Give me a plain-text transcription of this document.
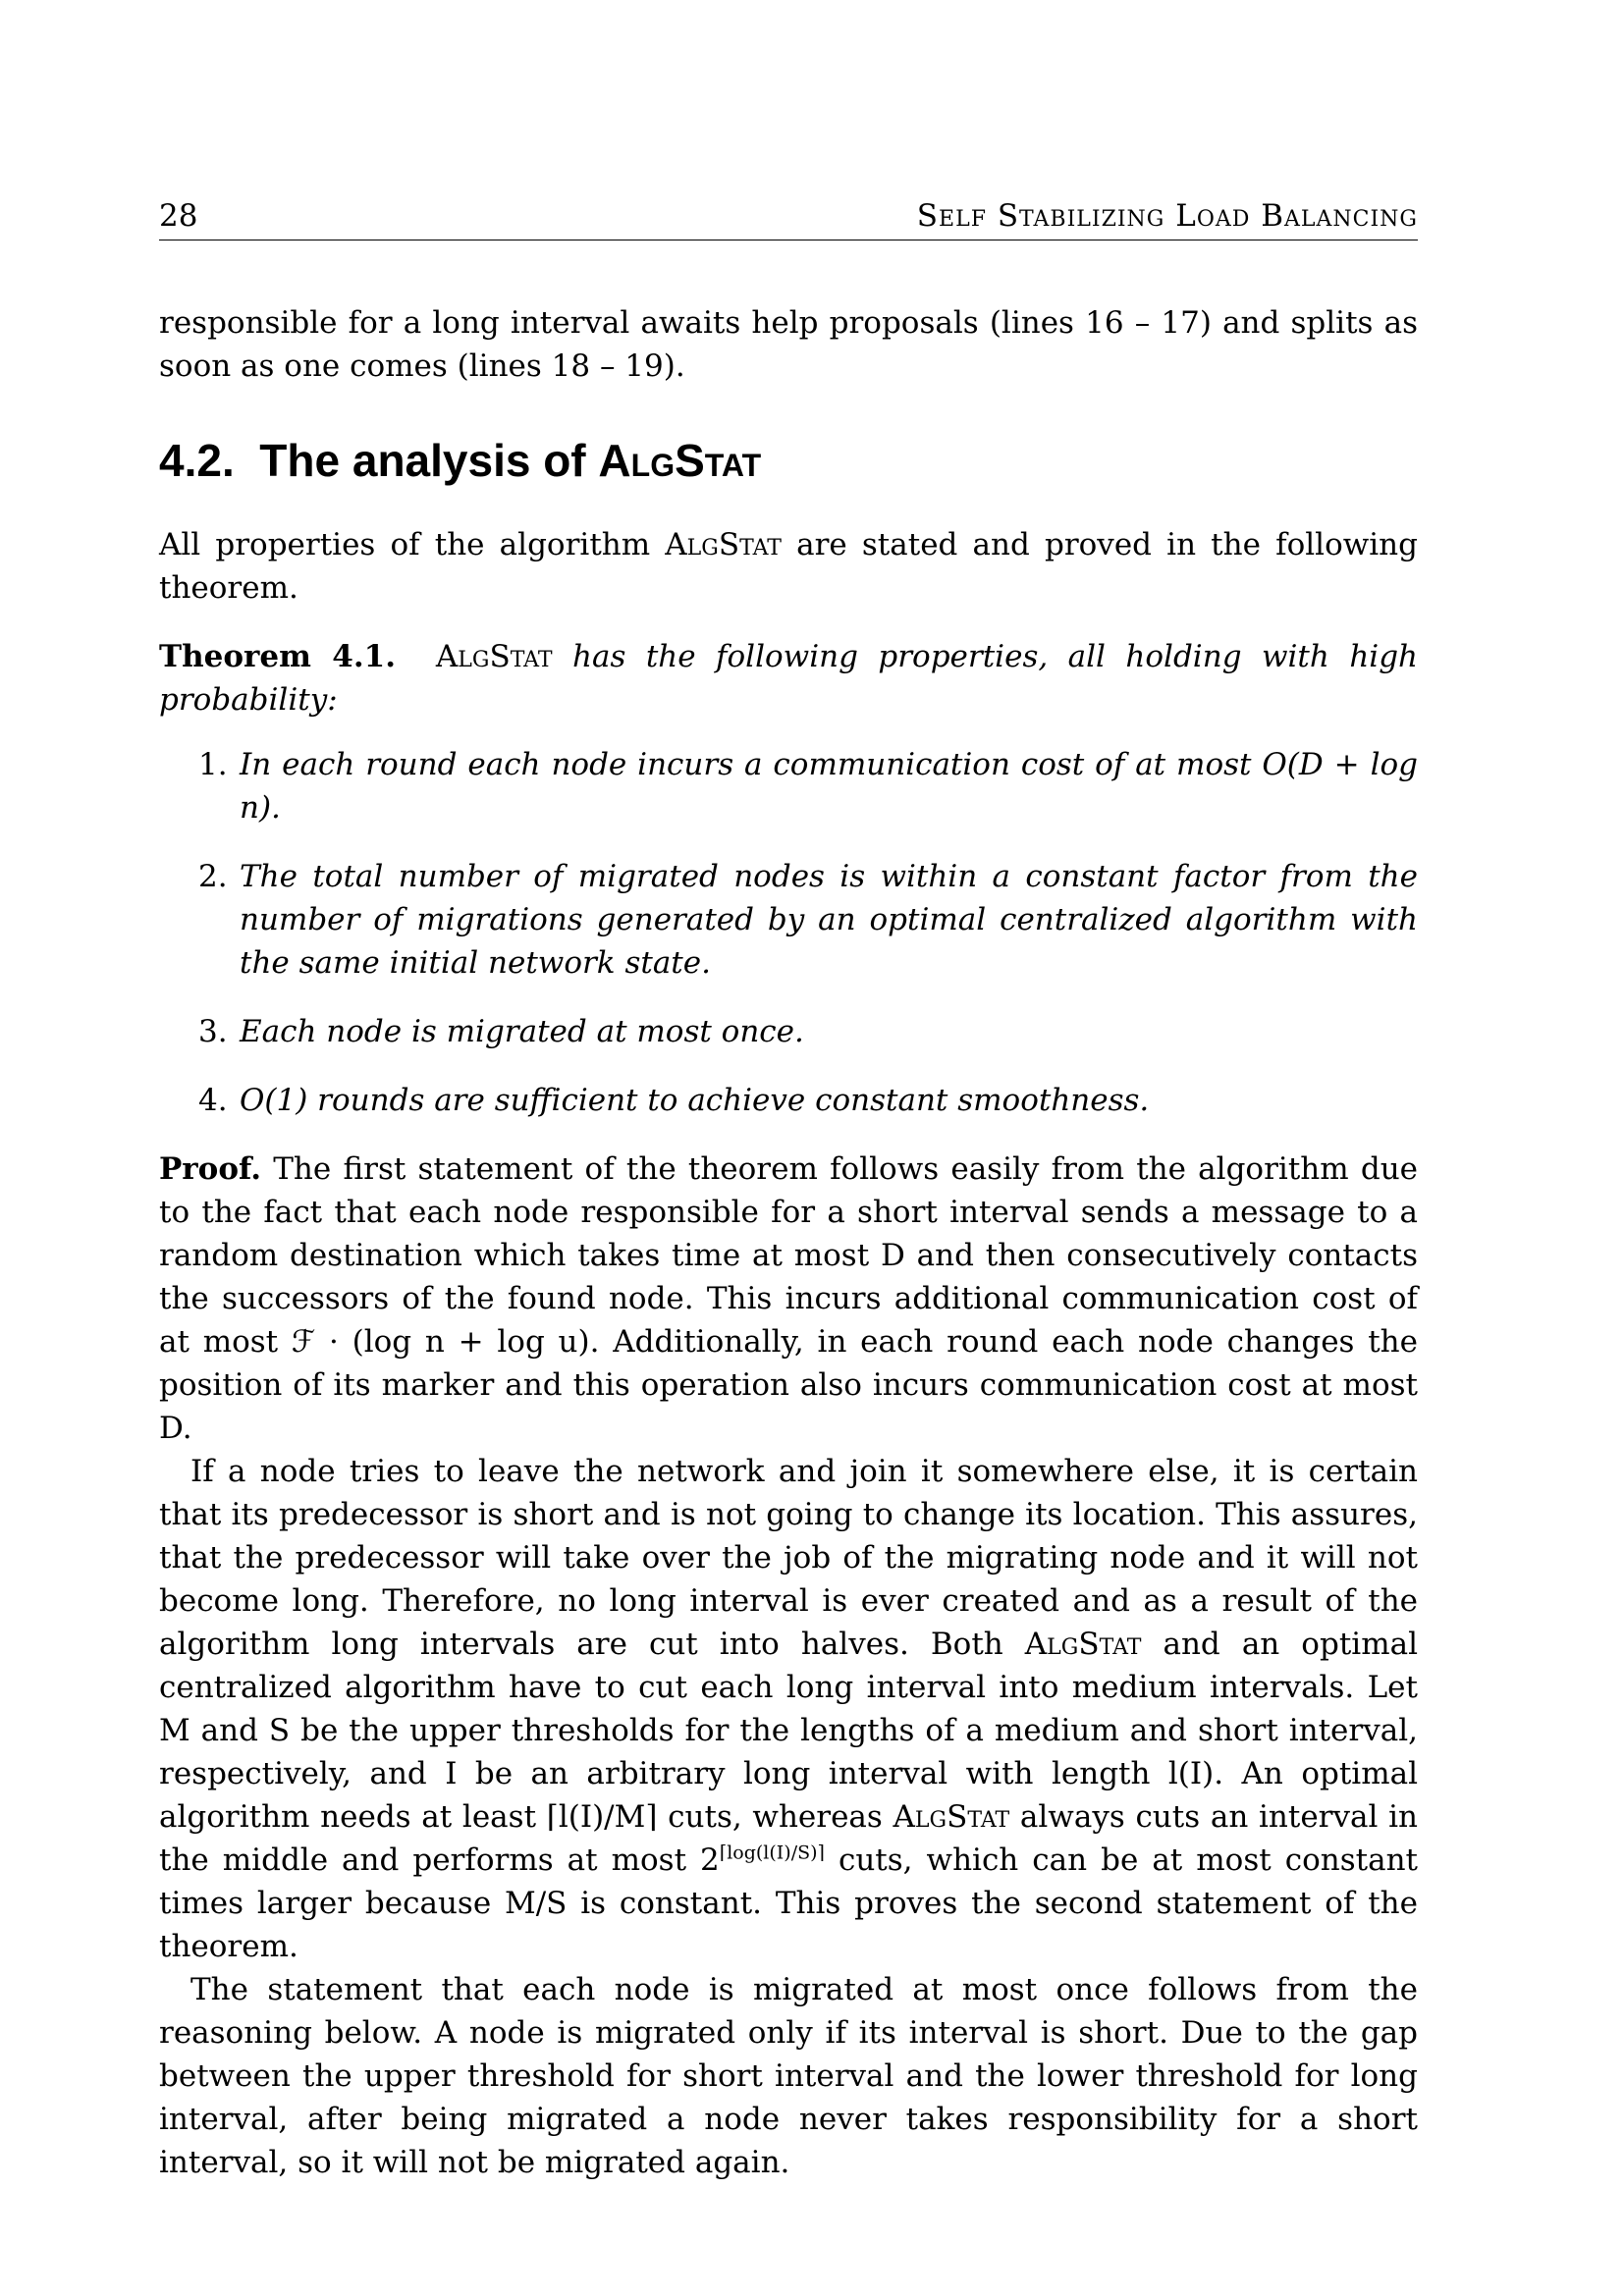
28	Self Stabilizing Load Balancing

responsible for a long interval awaits help proposals (lines 16 – 17) and splits as soon as one comes (lines 18 – 19).

4.2. The analysis of AlgStat

All properties of the algorithm AlgStat are stated and proved in the following theorem.

Theorem 4.1. AlgStat has the following properties, all holding with high probability:

1. In each round each node incurs a communication cost of at most O(D + log n).
2. The total number of migrated nodes is within a constant factor from the number of migrations generated by an optimal centralized algorithm with the same initial network state.
3. Each node is migrated at most once.
4. O(1) rounds are sufficient to achieve constant smoothness.

Proof. The first statement of the theorem follows easily from the algorithm due to the fact that each node responsible for a short interval sends a message to a random destination which takes time at most D and then consecutively contacts the successors of the found node. This incurs additional communication cost of at most ℱ · (log n + log u). Additionally, in each round each node changes the position of its marker and this operation also incurs communication cost at most D.

If a node tries to leave the network and join it somewhere else, it is certain that its predecessor is short and is not going to change its location. This assures, that the predecessor will take over the job of the migrating node and it will not become long. Therefore, no long interval is ever created and as a result of the algorithm long intervals are cut into halves. Both AlgStat and an optimal centralized algorithm have to cut each long interval into medium intervals. Let M and S be the upper thresholds for the lengths of a medium and short interval, respectively, and I be an arbitrary long interval with length l(I). An optimal algorithm needs at least ⌈l(I)/M⌉ cuts, whereas AlgStat always cuts an interval in the middle and performs at most $2^{⌈log(l(I)/S)⌉}$ cuts, which can be at most constant times larger because M/S is constant. This proves the second statement of the theorem.

The statement that each node is migrated at most once follows from the reasoning below. A node is migrated only if its interval is short. Due to the gap between the upper threshold for short interval and the lower threshold for long interval, after being migrated a node never takes responsibility for a short interval, so it will not be migrated again.
